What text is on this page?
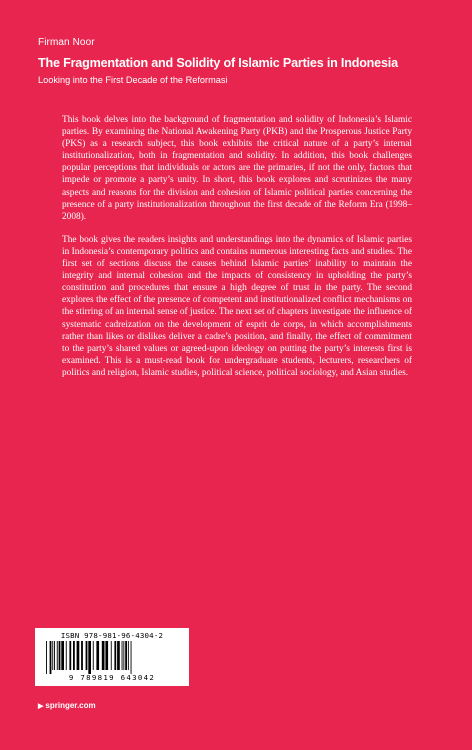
Firman Noor
The Fragmentation and Solidity of Islamic Parties in Indonesia
Looking into the First Decade of the Reformasi

This book delves into the background of fragmentation and solidity of Indonesia’s Islamic parties. By examining the National Awakening Party (PKB) and the Prosperous Justice Party (PKS) as a research subject, this book exhibits the critical nature of a party’s internal institutionalization, both in fragmentation and solidity. In addition, this book challenges popular perceptions that individuals or actors are the primaries, if not the only, factors that impede or promote a party’s unity. In short, this book explores and scrutinizes the many aspects and reasons for the division and cohesion of Islamic political parties concerning the presence of a party institutionalization throughout the first decade of the Reform Era (1998–2008).

The book gives the readers insights and understandings into the dynamics of Islamic parties in Indonesia’s contemporary politics and contains numerous interesting facts and studies. The first set of sections discuss the causes behind Islamic parties’ inability to maintain the integrity and internal cohesion and the impacts of consistency in upholding the party’s constitution and procedures that ensure a high degree of trust in the party. The second explores the effect of the presence of competent and institutionalized conflict mechanisms on the stirring of an internal sense of justice. The next set of chapters investigate the influence of systematic cadreization on the development of esprit de corps, in which accomplishments rather than likes or dislikes deliver a cadre’s position, and finally, the effect of commitment to the party’s shared values or agreed-upon ideology on putting the party’s interests first is examined. This is a must-read book for undergraduate students, lecturers, researchers of politics and religion, Islamic studies, political science, political sociology, and Asian studies.

ISBN 978-981-96-4304-2
9 789819 643042
▶ springer.com
